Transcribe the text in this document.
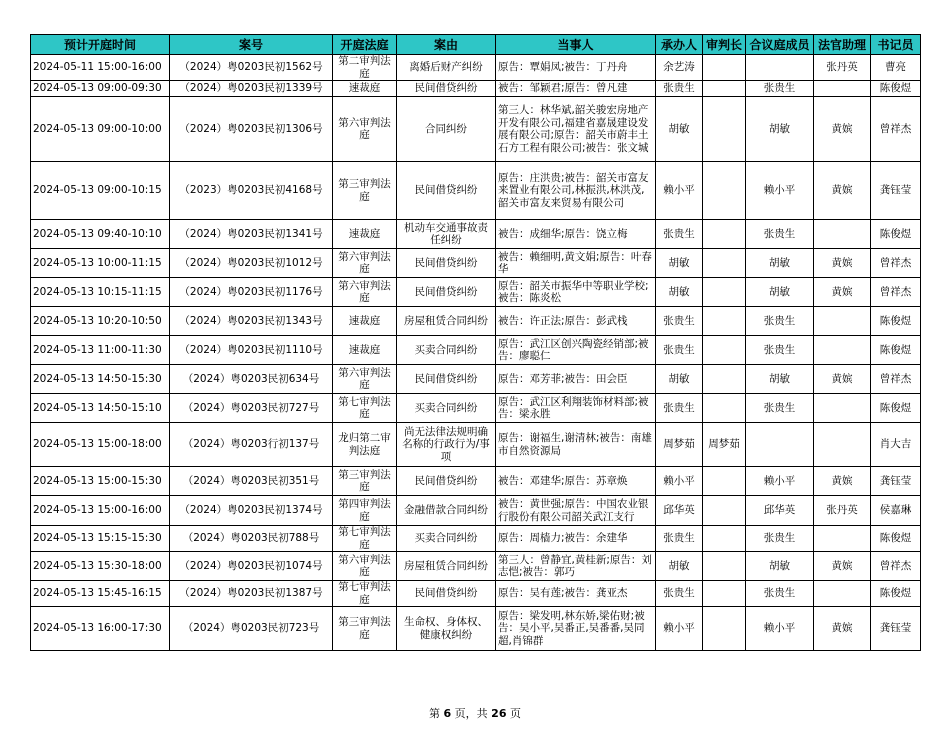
预计开庭时间	案号	开庭法庭	案由	当事人	承办人	审判长	合议庭成员	法官助理	书记员
2024-05-11 15:00-16:00	（2024）粤0203民初1562号	第二审判法庭	离婚后财产纠纷	原告：覃娟凤;被告：丁丹舟	余艺涛			张丹英	曹亮
2024-05-13 09:00-09:30	（2024）粤0203民初1339号	速裁庭	民间借贷纠纷	被告：邹颖君;原告：曾凡建	张贵生		张贵生		陈俊煜
2024-05-13 09:00-10:00	（2024）粤0203民初1306号	第六审判法庭	合同纠纷	第三人：林华斌,韶关骏宏房地产开发有限公司,福建省嘉晟建设发展有限公司;原告：韶关市蔚丰土石方工程有限公司;被告：张文城	胡敏		胡敏	黄嫔	曾祥杰
2024-05-13 09:00-10:15	（2023）粤0203民初4168号	第三审判法庭	民间借贷纠纷	原告：庄洪贵;被告：韶关市富友来置业有限公司,林振洪,林洪茂,韶关市富友来贸易有限公司	赖小平		赖小平	黄嫔	龚钰莹
2024-05-13 09:40-10:10	（2024）粤0203民初1341号	速裁庭	机动车交通事故责任纠纷	被告：成细华;原告：饶立梅	张贵生		张贵生		陈俊煜
2024-05-13 10:00-11:15	（2024）粤0203民初1012号	第六审判法庭	民间借贷纠纷	被告：赖细明,黄文娟;原告：叶春华	胡敏		胡敏	黄嫔	曾祥杰
2024-05-13 10:15-11:15	（2024）粤0203民初1176号	第六审判法庭	民间借贷纠纷	原告：韶关市振华中等职业学校;被告：陈炎松	胡敏		胡敏	黄嫔	曾祥杰
2024-05-13 10:20-10:50	（2024）粤0203民初1343号	速裁庭	房屋租赁合同纠纷	被告：许正法;原告：彭武栈	张贵生		张贵生		陈俊煜
2024-05-13 11:00-11:30	（2024）粤0203民初1110号	速裁庭	买卖合同纠纷	原告：武江区创兴陶瓷经销部;被告：廖聪仁	张贵生		张贵生		陈俊煜
2024-05-13 14:50-15:30	（2024）粤0203民初634号	第六审判法庭	民间借贷纠纷	原告：邓芳菲;被告：田会臣	胡敏		胡敏	黄嫔	曾祥杰
2024-05-13 14:50-15:10	（2024）粤0203民初727号	第七审判法庭	买卖合同纠纷	原告：武江区利翔装饰材料部;被告：梁永胜	张贵生		张贵生		陈俊煜
2024-05-13 15:00-18:00	（2024）粤0203行初137号	龙归第二审判法庭	尚无法律法规明确名称的行政行为/事项	原告：谢福生,谢清林;被告：南雄市自然资源局	周梦茹	周梦茹			肖大吉
2024-05-13 15:00-15:30	（2024）粤0203民初351号	第三审判法庭	民间借贷纠纷	被告：邓建华;原告：苏章焕	赖小平		赖小平	黄嫔	龚钰莹
2024-05-13 15:00-16:00	（2024）粤0203民初1374号	第四审判法庭	金融借款合同纠纷	被告：黄世强;原告：中国农业银行股份有限公司韶关武江支行	邱华英		邱华英	张丹英	侯嘉琳
2024-05-13 15:15-15:30	（2024）粤0203民初788号	第七审判法庭	买卖合同纠纷	原告：周樯力;被告：余建华	张贵生		张贵生		陈俊煜
2024-05-13 15:30-18:00	（2024）粤0203民初1074号	第六审判法庭	房屋租赁合同纠纷	第三人：曾静宜,黄桂新;原告：刘志恺;被告：郭巧	胡敏		胡敏	黄嫔	曾祥杰
2024-05-13 15:45-16:15	（2024）粤0203民初1387号	第七审判法庭	民间借贷纠纷	原告：吴有莲;被告：龚亚杰	张贵生		张贵生		陈俊煜
2024-05-13 16:00-17:30	（2024）粤0203民初723号	第三审判法庭	生命权、身体权、健康权纠纷	原告：梁发明,林东娇,梁佑财;被告：吴小平,吴番正,吴番番,吴同超,肖锦群	赖小平		赖小平	黄嫔	龚钰莹
第 6 页，共 26 页
